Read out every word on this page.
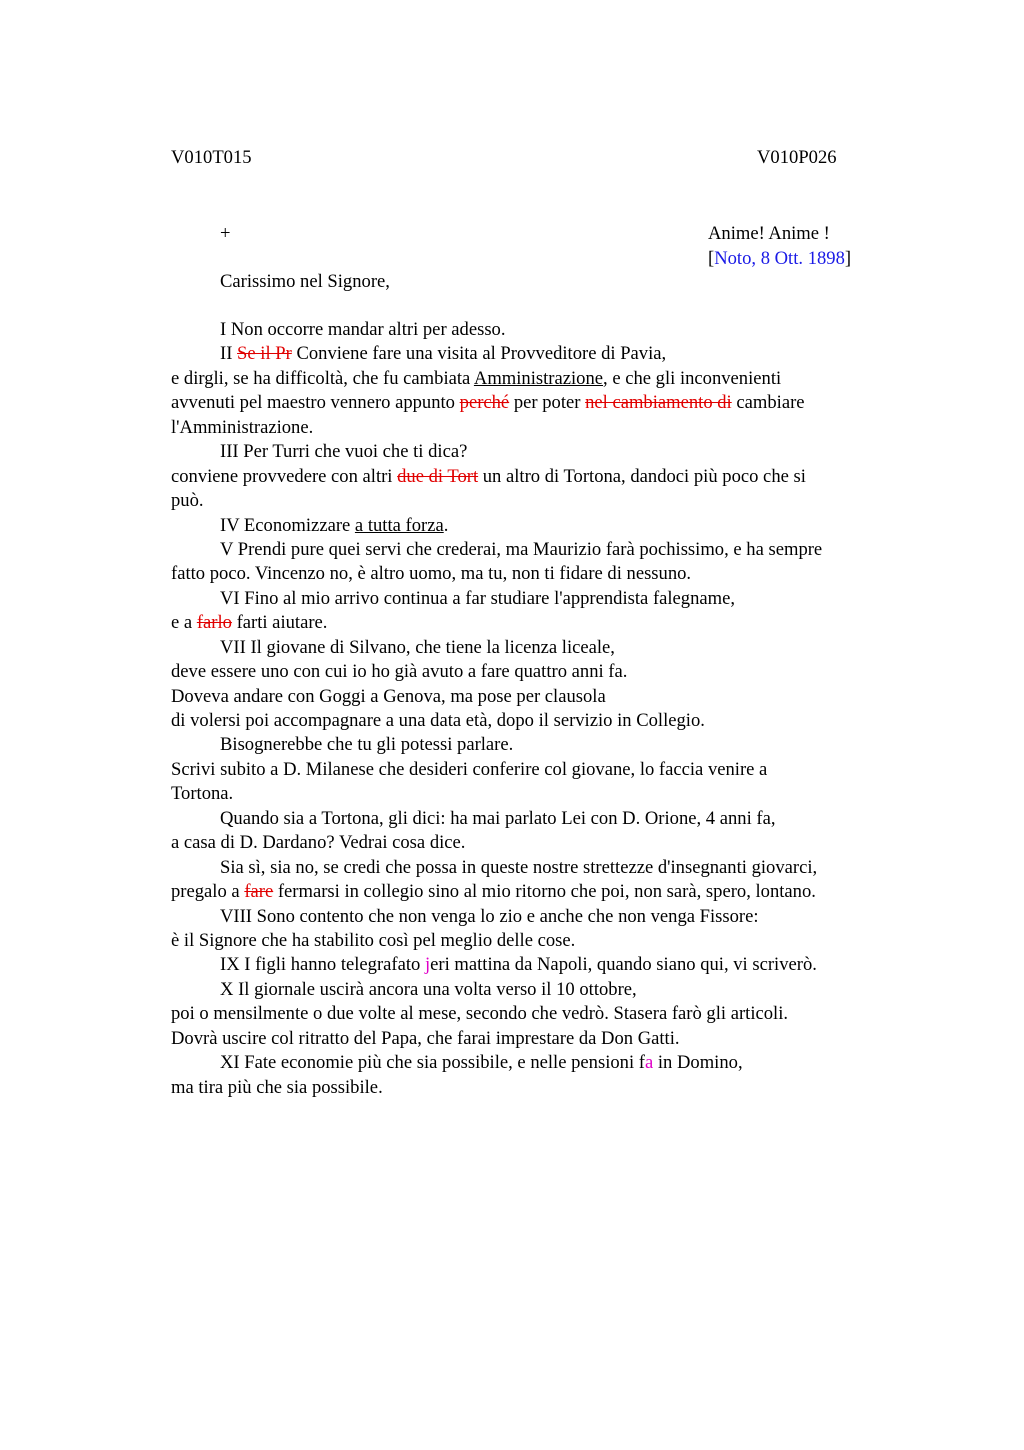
V010T015	V010P026
+	Anime! Anime !
[Noto, 8 Ott. 1898]
Carissimo nel Signore,
I Non occorre mandar altri per adesso.
II Se il Pr Conviene fare una visita al Provveditore di Pavia,
e dirgli, se ha difficoltà, che fu cambiata Amministrazione, e che gli inconvenienti
avvenuti pel maestro vennero appunto perché per poter nel cambiamento di cambiare
l'Amministrazione.
III Per Turri che vuoi che ti dica?
conviene provvedere con altri due di Tort un altro di Tortona, dandoci più poco che si
può.
IV Economizzare a tutta forza.
V Prendi pure quei servi che crederai, ma Maurizio farà pochissimo, e ha sempre
fatto poco. Vincenzo no, è altro uomo, ma tu, non ti fidare di nessuno.
VI Fino al mio arrivo continua a far studiare l'apprendista falegname,
e a farlo farti aiutare.
VII Il giovane di Silvano, che tiene la licenza liceale,
deve essere uno con cui io ho già avuto a fare quattro anni fa.
Doveva andare con Goggi a Genova, ma pose per clausola
di volersi poi accompagnare a una data età, dopo il servizio in Collegio.
Bisognerebbe che tu gli potessi parlare.
Scrivi subito a D. Milanese che desideri conferire col giovane, lo faccia venire a
Tortona.
Quando sia a Tortona, gli dici: ha mai parlato Lei con D. Orione, 4 anni fa,
a casa di D. Dardano? Vedrai cosa dice.
Sia sì, sia no, se credi che possa in queste nostre strettezze d'insegnanti giovarci,
pregalo a fare fermarsi in collegio sino al mio ritorno che poi, non sarà, spero, lontano.
VIII Sono contento che non venga lo zio e anche che non venga Fissore:
è il Signore che ha stabilito così pel meglio delle cose.
IX I figli hanno telegrafato jeri mattina da Napoli, quando siano qui, vi scriverò.
X Il giornale uscirà ancora una volta verso il 10 ottobre,
poi o mensilmente o due volte al mese, secondo che vedrò. Stasera farò gli articoli.
Dovrà uscire col ritratto del Papa, che farai imprestare da Don Gatti.
XI Fate economie più che sia possibile, e nelle pensioni fa in Domino,
ma tira più che sia possibile.
